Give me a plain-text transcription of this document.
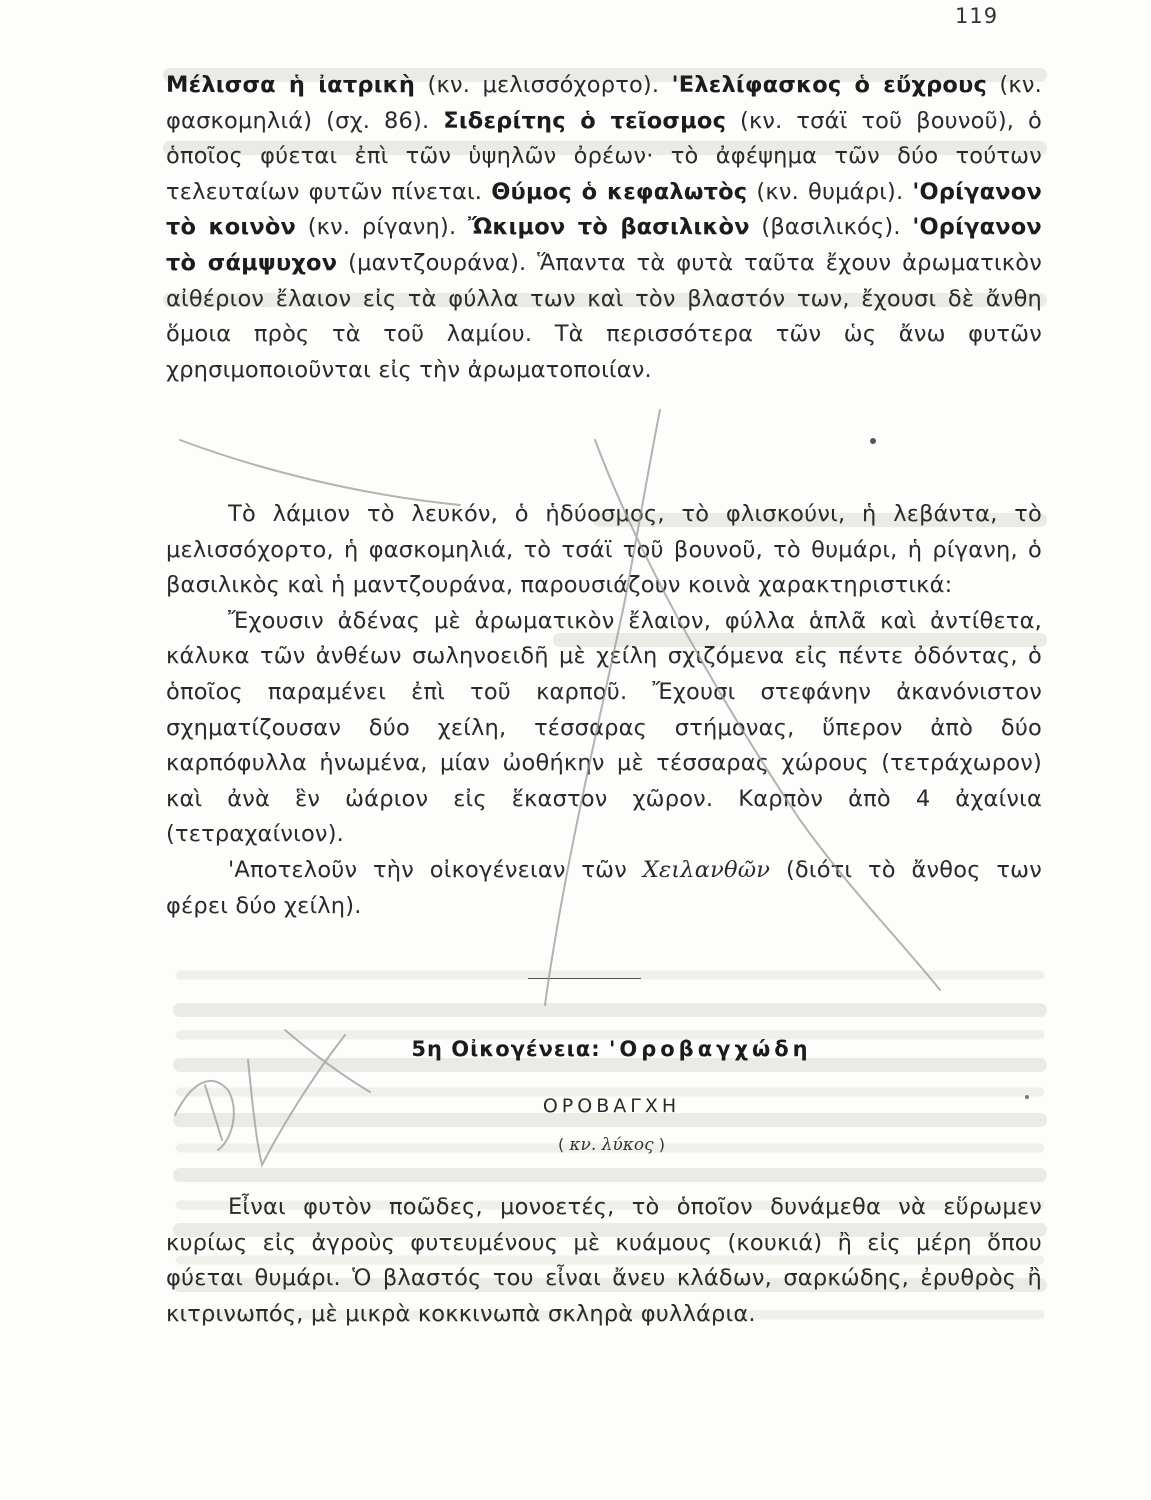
119

Μέλισσα ἡ ἰατρικὴ (κν. μελισσόχορτο). 'Ελελίφασκος ὁ εὔχρους (κν. φασκομηλιά) (σχ. 86). Σιδερίτης ὁ τεῖοσμος (κν. τσάϊ τοῦ βουνοῦ), ὁ ὁποῖος φύεται ἐπὶ τῶν ὑψηλῶν ὀρέων· τὸ ἀφέψημα τῶν δύο τούτων τελευταίων φυτῶν πίνεται. Θύμος ὁ κεφαλωτὸς (κν. θυμάρι). 'Ορίγανον τὸ κοινὸν (κν. ρίγανη). Ὤκιμον τὸ βασιλικὸν (βασιλικός). 'Ορίγανον τὸ σάμψυχον (μαντζουράνα). Ἅπαντα τὰ φυτὰ ταῦτα ἔχουν ἀρωματικὸν αἰθέριον ἔλαιον εἰς τὰ φύλλα των καὶ τὸν βλαστόν των, ἔχουσι δὲ ἄνθη ὅμοια πρὸς τὰ τοῦ λαμίου. Τὰ περισσότερα τῶν ὡς ἄνω φυτῶν χρησιμοποιοῦνται εἰς τὴν ἀρωματοποιίαν.

Τὸ λάμιον τὸ λευκόν, ὁ ἡδύοσμος, τὸ φλισκούνι, ἡ λεβάντα, τὸ μελισσόχορτο, ἡ φασκομηλιά, τὸ τσάϊ τοῦ βουνοῦ, τὸ θυμάρι, ἡ ρίγανη, ὁ βασιλικὸς καὶ ἡ μαντζουράνα, παρουσιάζουν κοινὰ χαρακτηριστικά:

Ἔχουσιν ἀδένας μὲ ἀρωματικὸν ἔλαιον, φύλλα ἁπλᾶ καὶ ἀντίθετα, κάλυκα τῶν ἀνθέων σωληνοειδῆ μὲ χείλη σχιζόμενα εἰς πέντε ὀδόντας, ὁ ὁποῖος παραμένει ἐπὶ τοῦ καρποῦ. Ἔχουσι στεφάνην ἀκανόνιστον σχηματίζουσαν δύο χείλη, τέσσαρας στήμονας, ὕπερον ἀπὸ δύο καρπόφυλλα ἡνωμένα, μίαν ὠοθήκην μὲ τέσσαρας χώρους (τετράχωρον) καὶ ἀνὰ ἓν ὠάριον εἰς ἕκαστον χῶρον. Καρπὸν ἀπὸ 4 ἀχαίνια (τετραχαίνιον).

'Αποτελοῦν τὴν οἰκογένειαν τῶν Χειλανθῶν (διότι τὸ ἄνθος των φέρει δύο χείλη).

5η Οἰκογένεια: 'Οροβαγχώδη
ΟΡΟΒΑΓΧΗ
( κν. λύκος )

Εἶναι φυτὸν ποῶδες, μονοετές, τὸ ὁποῖον δυνάμεθα νὰ εὕρωμεν κυρίως εἰς ἀγροὺς φυτευμένους μὲ κυάμους (κουκιά) ἢ εἰς μέρη ὅπου φύεται θυμάρι. Ὁ βλαστός του εἶναι ἄνευ κλάδων, σαρκώδης, ἐρυθρὸς ἢ κιτρινωπός, μὲ μικρὰ κοκκινωπὰ σκληρὰ φυλλάρια.
